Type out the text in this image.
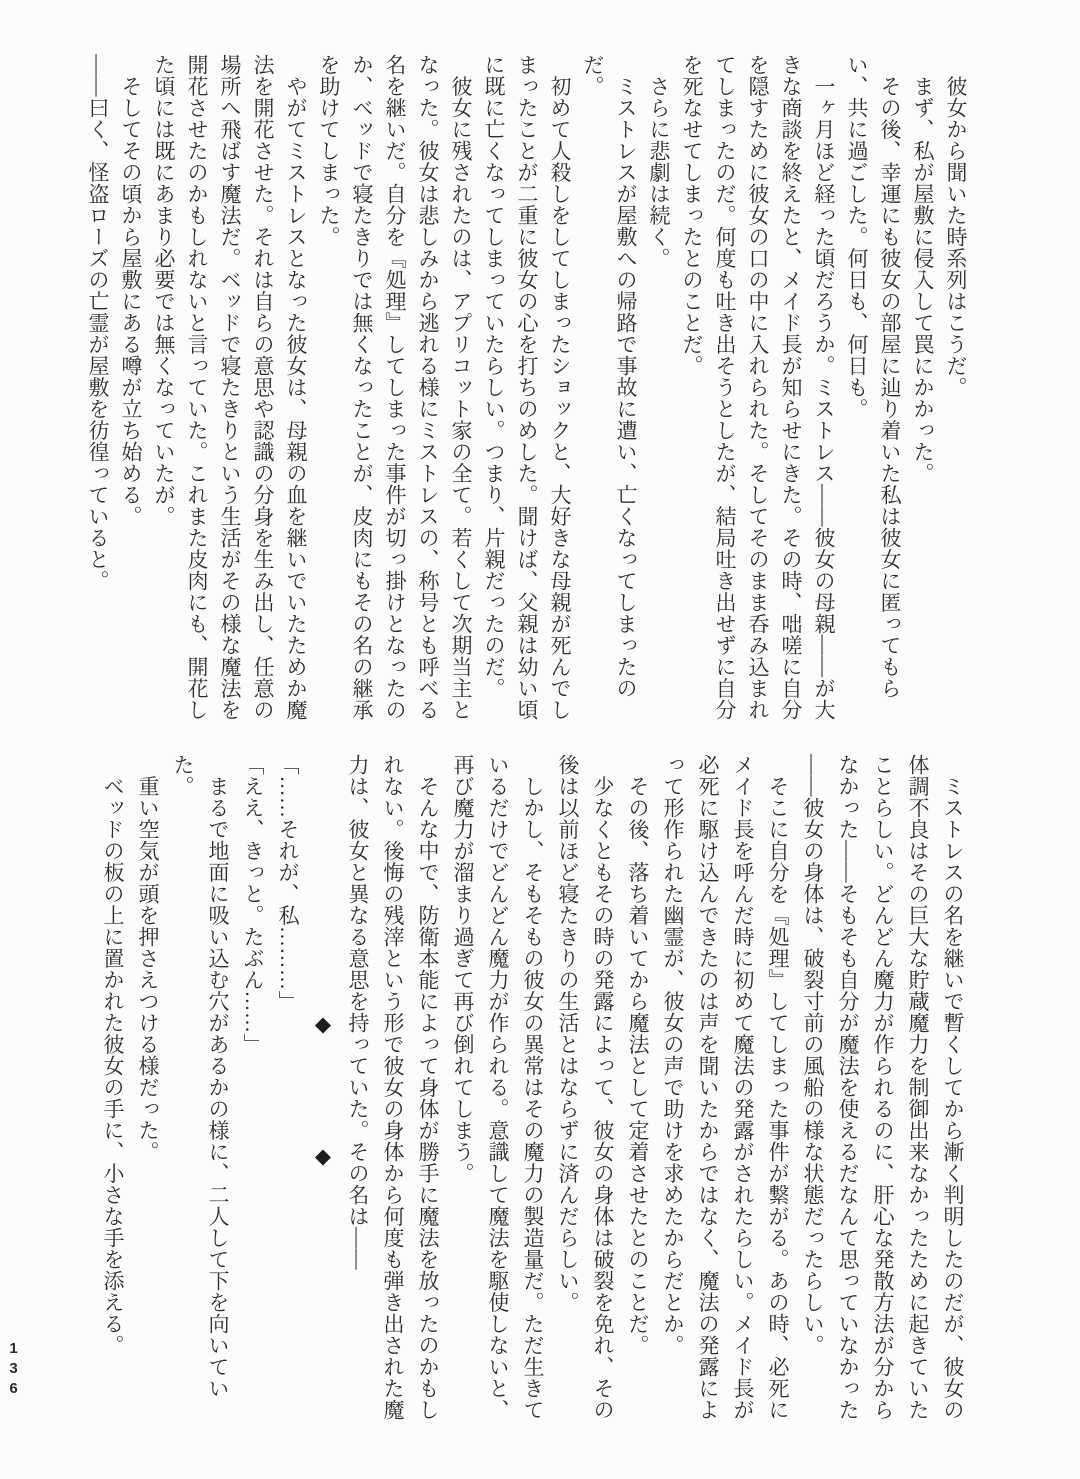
　彼女から聞いた時系列はこうだ。

　まず、私が屋敷に侵入して罠にかかった。

　その後、幸運にも彼女の部屋に辿り着いた私は彼女に匿ってもらい、共に過ごした。何日も、何日も。

　一ヶ月ほど経った頃だろうか。ミストレス――彼女の母親――が大きな商談を終えたと、メイド長が知らせにきた。その時、咄嗟に自分を隠すために彼女の口の中に入れられた。そしてそのまま呑み込まれてしまったのだ。何度も吐き出そうとしたが、結局吐き出せずに自分を死なせてしまったとのことだ。

　さらに悲劇は続く。

　ミストレスが屋敷への帰路で事故に遭い、亡くなってしまったのだ。

　初めて人殺しをしてしまったショックと、大好きな母親が死んでしまったことが二重に彼女の心を打ちのめした。聞けば、父親は幼い頃に既に亡くなってしまっていたらしい。つまり、片親だったのだ。

　彼女に残されたのは、アプリコット家の全て。若くして次期当主となった。彼女は悲しみから逃れる様にミストレスの、称号とも呼べる名を継いだ。自分を『処理』してしまった事件が切っ掛けとなったのか、ベッドで寝たきりでは無くなったことが、皮肉にもその名の継承を助けてしまった。

　やがてミストレスとなった彼女は、母親の血を継いでいたためか魔法を開花させた。それは自らの意思や認識の分身を生み出し、任意の場所へ飛ばす魔法だ。ベッドで寝たきりという生活がその様な魔法を開花させたのかもしれないと言っていた。これまた皮肉にも、開花した頃には既にあまり必要では無くなっていたが。

　そしてその頃から屋敷にある噂が立ち始める。

――曰く、怪盗ローズの亡霊が屋敷を彷徨っていると。

　ミストレスの名を継いで暫くしてから漸く判明したのだが、彼女の体調不良はその巨大な貯蔵魔力を制御出来なかったために起きていたことらしい。どんどん魔力が作られるのに、肝心な発散方法が分からなかった――そもそも自分が魔法を使えるだなんて思っていなかった――彼女の身体は、破裂寸前の風船の様な状態だったらしい。

　そこに自分を『処理』してしまった事件が繋がる。あの時、必死にメイド長を呼んだ時に初めて魔法の発露がされたらしい。メイド長が必死に駆け込んできたのは声を聞いたからではなく、魔法の発露によって形作られた幽霊が、彼女の声で助けを求めたからだとか。

　その後、落ち着いてから魔法として定着させたとのことだ。

　少なくともその時の発露によって、彼女の身体は破裂を免れ、その後は以前ほど寝たきりの生活とはならずに済んだらしい。

　しかし、そもそもの彼女の異常はその魔力の製造量だ。ただ生きているだけでどんどん魔力が作られる。意識して魔法を駆使しないと、再び魔力が溜まり過ぎて再び倒れてしまう。

　そんな中で、防衛本能によって身体が勝手に魔法を放ったのかもしれない。後悔の残滓という形で彼女の身体から何度も弾き出された魔力は、彼女と異なる意思を持っていた。その名は――

　　　　　　　　　　　　◆　　　　　◆

「……それが、私………」

「ええ、きっと。たぶん……」

　まるで地面に吸い込む穴があるかの様に、二人して下を向いていた。

　重い空気が頭を押さえつける様だった。

　ベッドの板の上に置かれた彼女の手に、小さな手を添える。

136
